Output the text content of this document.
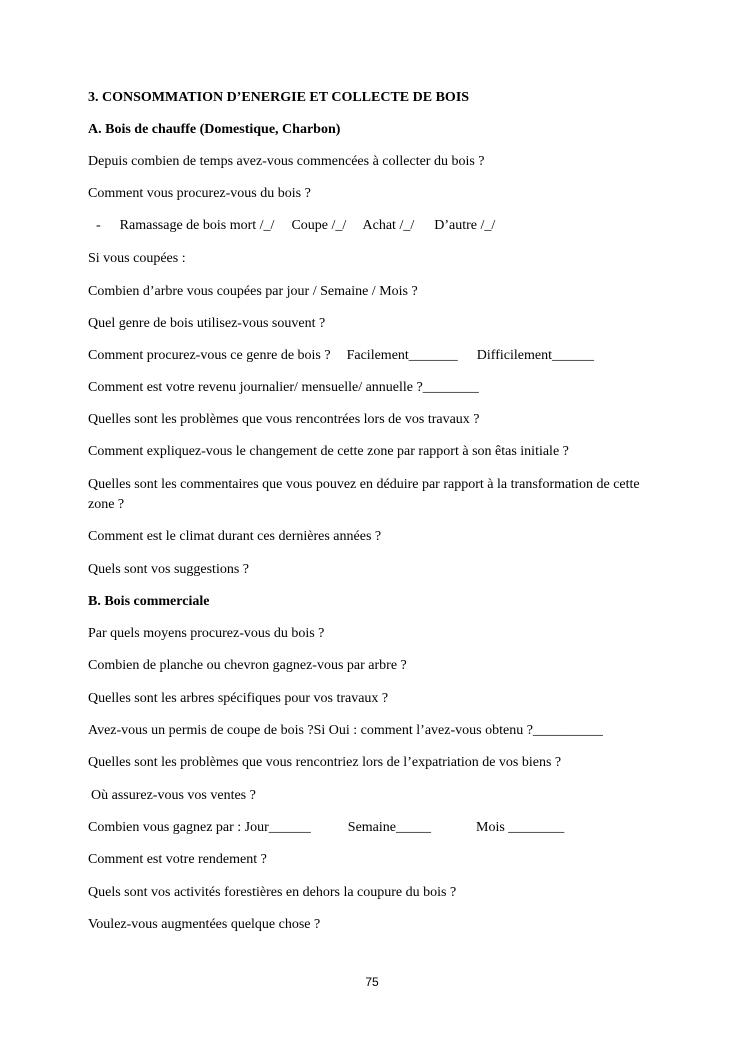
3. CONSOMMATION D’ENERGIE ET COLLECTE DE BOIS
A. Bois de chauffe (Domestique, Charbon)
Depuis combien de temps avez-vous commencées à collecter du bois ?
Comment vous procurez-vous du bois ?
- Ramassage de bois mort /_/ Coupe /_/ Achat /_/ D’autre /_/
Si vous coupées :
Combien d’arbre vous coupées par jour / Semaine / Mois ?
Quel genre de bois utilisez-vous souvent ?
Comment procurez-vous ce genre de bois ? Facilement_______ Difficilement______
Comment est votre revenu journalier/ mensuelle/ annuelle ?________
Quelles sont les problèmes que vous rencontrées lors de vos travaux ?
Comment expliquez-vous le changement de cette zone par rapport à son êtas initiale ?
Quelles sont les commentaires que vous pouvez en déduire par rapport à la transformation de cette zone ?
Comment est le climat durant ces dernières années ?
Quels sont vos suggestions ?
B. Bois commerciale
Par quels moyens procurez-vous du bois ?
Combien de planche ou chevron gagnez-vous par arbre ?
Quelles sont les arbres spécifiques pour vos travaux ?
Avez-vous un permis de coupe de bois ?Si Oui : comment l’avez-vous obtenu ?__________
Quelles sont les problèmes que vous rencontriez lors de l’expatriation de vos biens ?
Où assurez-vous vos ventes ?
Combien vous gagnez par : Jour______	Semaine_____	Mois ________
Comment est votre rendement ?
Quels sont vos activités forestières en dehors la coupure du bois ?
Voulez-vous augmentées quelque chose ?
75
